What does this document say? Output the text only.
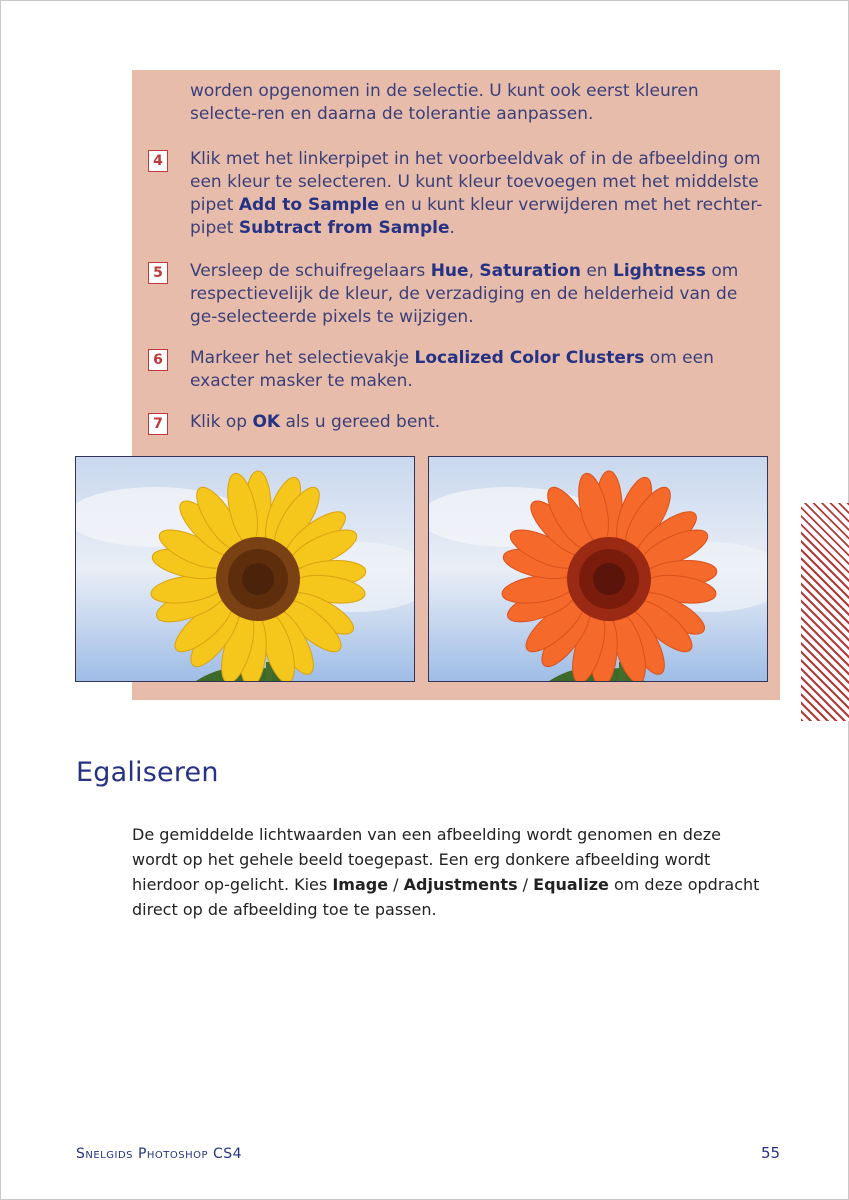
worden opgenomen in de selectie. U kunt ook eerst kleuren selecte-ren en daarna de tolerantie aanpassen.
4	Klik met het linkerpipet in het voorbeeldvak of in de afbeelding om een kleur te selecteren. U kunt kleur toevoegen met het middelste pipet Add to Sample en u kunt kleur verwijderen met het rechter-pipet Subtract from Sample.
5	Versleep de schuifregelaars Hue, Saturation en Lightness om respectievelijk de kleur, de verzadiging en de helderheid van de ge-selecteerde pixels te wijzigen.
6	Markeer het selectievakje Localized Color Clusters om een exacter masker te maken.
7	Klik op OK als u gereed bent.
Egaliseren
De gemiddelde lichtwaarden van een afbeelding wordt genomen en deze wordt op het gehele beeld toegepast. Een erg donkere afbeelding wordt hierdoor op-gelicht. Kies Image / Adjustments / Equalize om deze opdracht direct op de afbeelding toe te passen.
Snelgids Photoshop CS4	55
